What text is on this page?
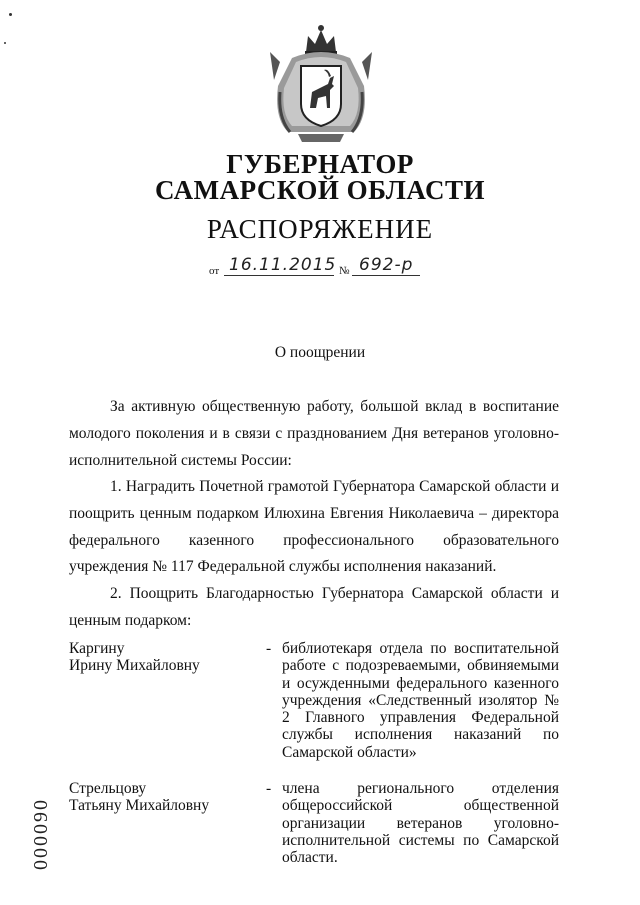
ГУБЕРНАТОР
САМАРСКОЙ ОБЛАСТИ
РАСПОРЯЖЕНИЕ
от 16.11.2015 № 692-р
О поощрении
За активную общественную работу, большой вклад в воспитание молодого поколения и в связи с празднованием Дня ветеранов уголовно-исполнительной системы России:
1. Наградить Почетной грамотой Губернатора Самарской области и поощрить ценным подарком Илюхина Евгения Николаевича – директора федерального казенного профессионального образовательного учреждения № 117 Федеральной службы исполнения наказаний.
2. Поощрить Благодарностью Губернатора Самарской области и ценным подарком:
Каргину
Ирину Михайловну
- библиотекаря отдела по воспитательной работе с подозреваемыми, обвиняемыми и осужденными федерального казенного учреждения «Следственный изолятор № 2 Главного управления Федеральной службы исполнения наказаний по Самарской области»
Стрельцову
Татьяну Михайловну
- члена регионального отделения общероссийской общественной организации ветеранов уголовно-исполнительной системы по Самарской области.
000090
